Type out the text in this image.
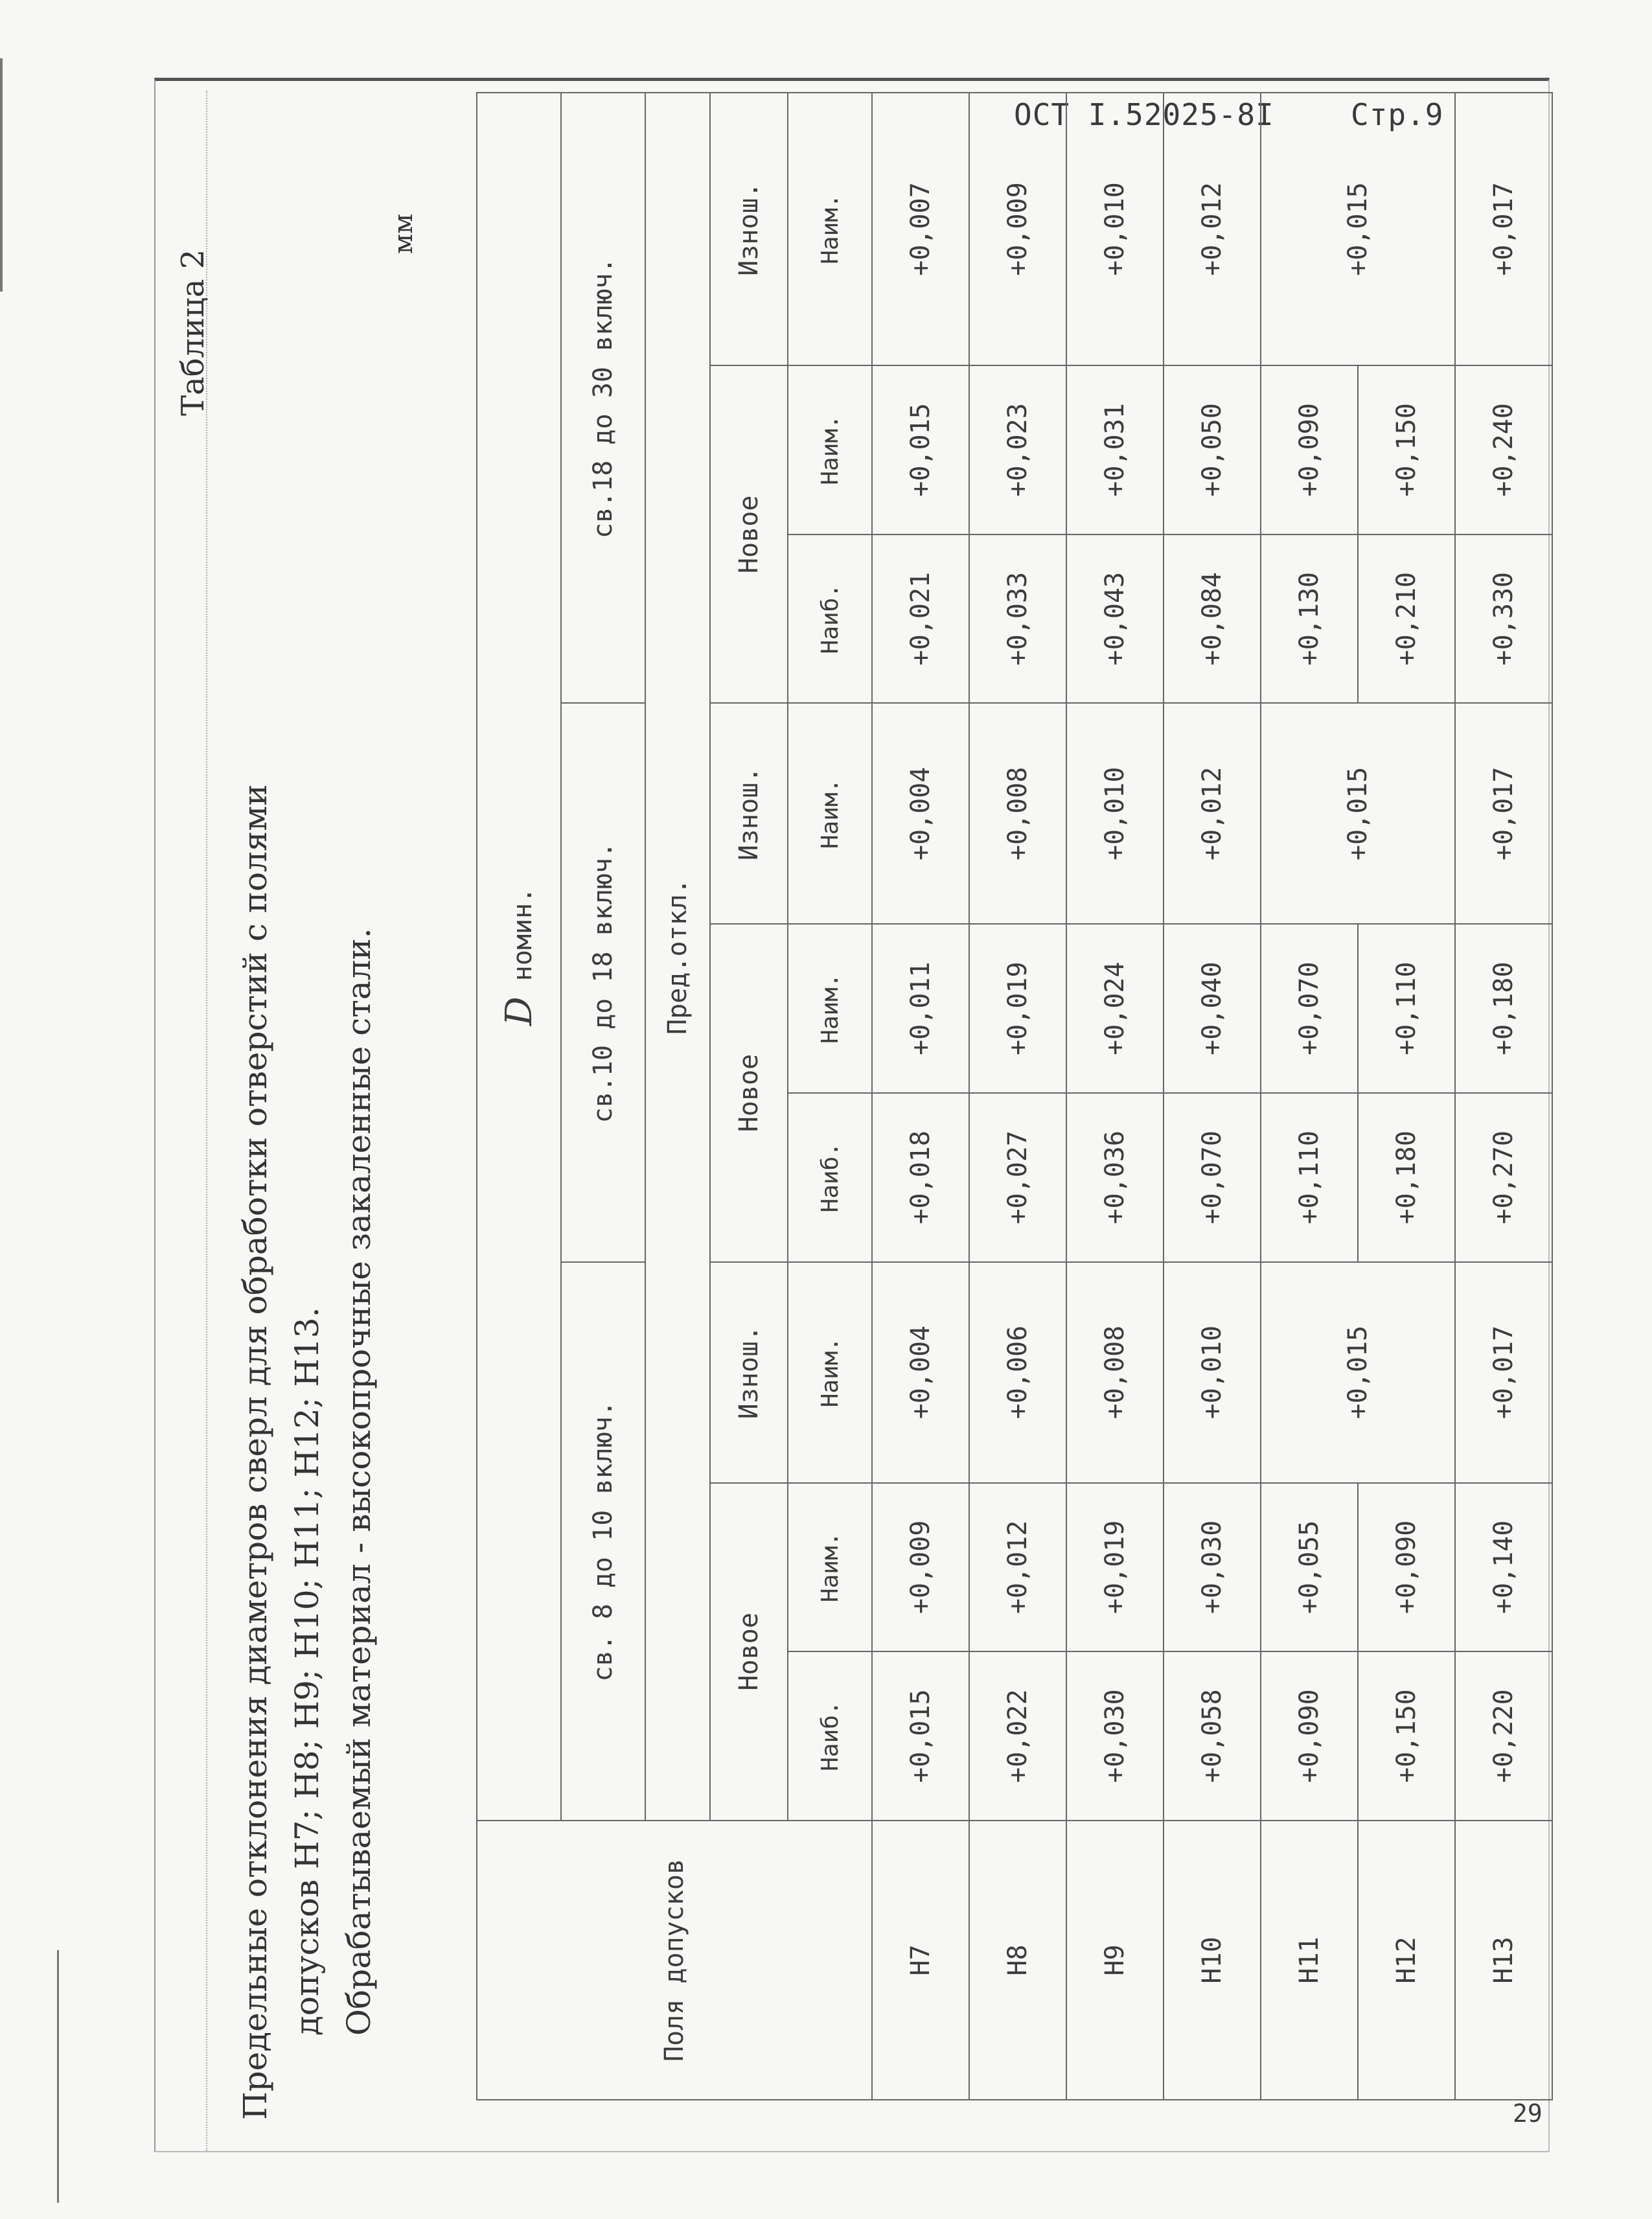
ОСТ I.52025-8I	Стр.9
Таблица 2
Предельные отклонения диаметров сверл для обработки отверстий с полями допусков Н7; Н8; Н9; Н10; Н11; Н12; Н13. Обрабатываемый материал - высокопрочные закаленные стали.
мм
Поля допусков	D номин.								
	св. 8 до 10 включ.			св.10 до 18 включ.			св.18 до 30 включ.		
	Пред.откл.								
	Новое		Изнош.	Новое		Изнош.	Новое		Изнош.
	Наиб.	Наим.	Наим.	Наиб.	Наим.	Наим.	Наиб.	Наим.	Наим.
Н7	+0,015	+0,009	+0,004	+0,018	+0,011	+0,004	+0,021	+0,015	+0,007
Н8	+0,022	+0,012	+0,006	+0,027	+0,019	+0,008	+0,033	+0,023	+0,009
Н9	+0,030	+0,019	+0,008	+0,036	+0,024	+0,010	+0,043	+0,031	+0,010
Н10	+0,058	+0,030	+0,010	+0,070	+0,040	+0,012	+0,084	+0,050	+0,012
Н11	+0,090	+0,055	+0,015	+0,110	+0,070	+0,015	+0,130	+0,090	+0,015
Н12	+0,150	+0,090		+0,180	+0,110		+0,210	+0,150	
Н13	+0,220	+0,140	+0,017	+0,270	+0,180	+0,017	+0,330	+0,240	+0,017
29
